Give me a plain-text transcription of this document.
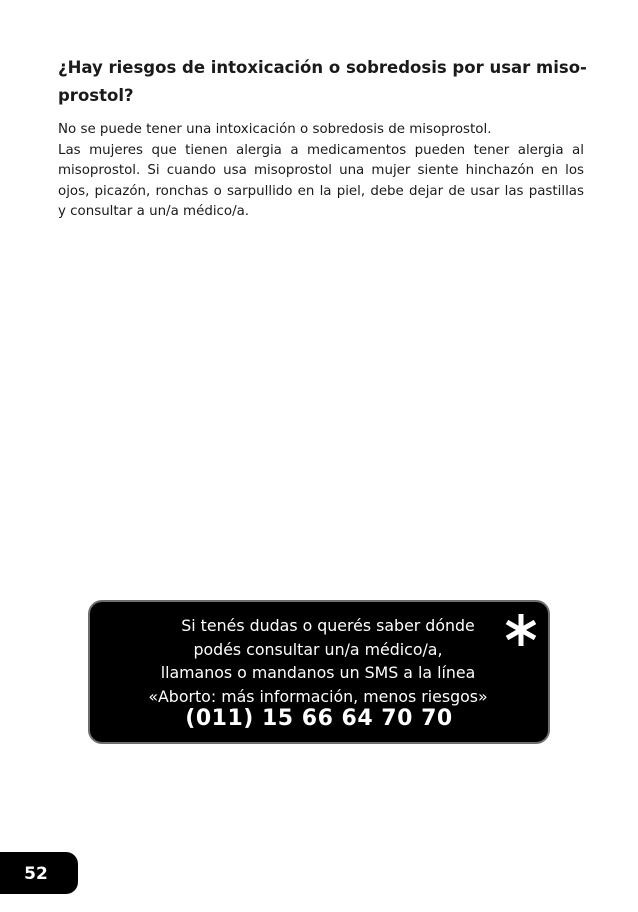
¿Hay riesgos de intoxicación o sobredosis por usar miso-
prostol?

No se puede tener una intoxicación o sobredosis de misoprostol.

Las mujeres que tienen alergia a medicamentos pueden tener alergia al misoprostol. Si cuando usa misoprostol una mujer siente hinchazón en los ojos, picazón, ronchas o sarpullido en la piel, debe dejar de usar las pastillas y consultar a un/a médico/a.

Si tenés dudas o querés saber dónde
podés consultar un/a médico/a,
llamanos o mandanos un SMS a la línea
«Aborto: más información, menos riesgos»
(011) 15 66 64 70 70
52
